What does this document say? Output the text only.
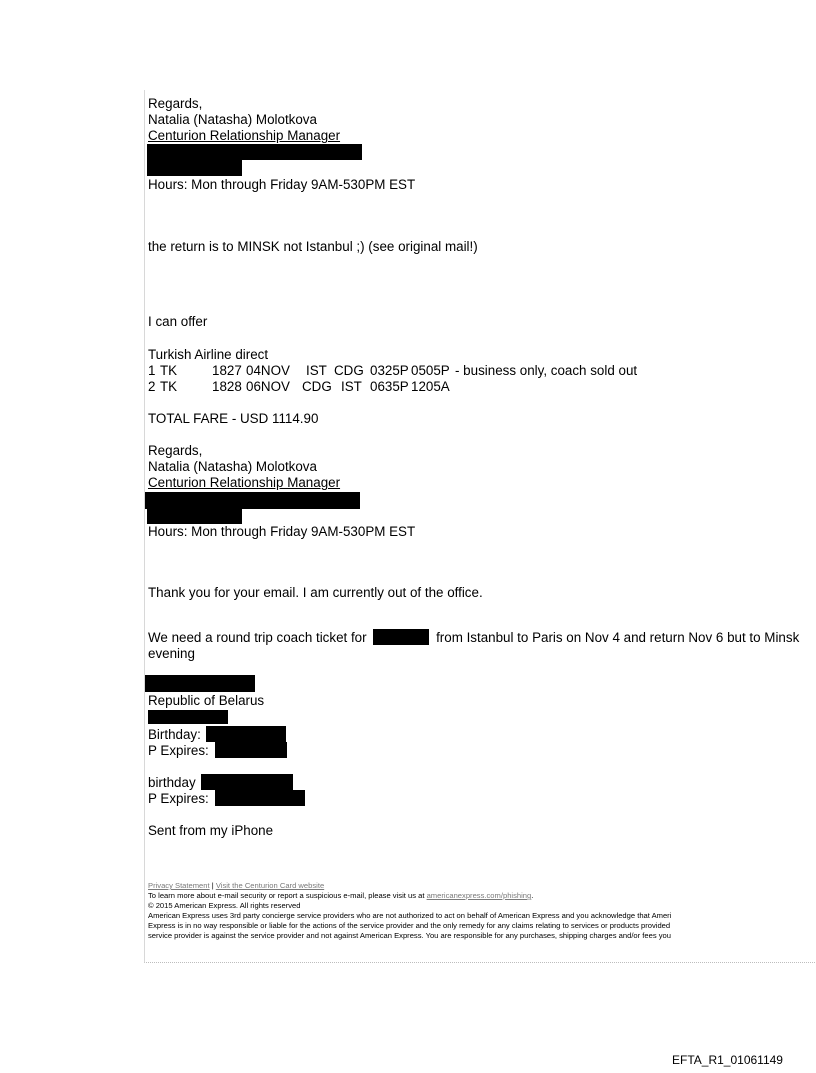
Regards,
Natalia (Natasha) Molotkova
Centurion Relationship Manager
Hours: Mon through Friday 9AM-530PM EST
the return is to MINSK not Istanbul ;) (see original mail!)
I can offer
Turkish Airline direct
1 TK	1827 04NOV IST CDG 0325P 0505P - business only, coach sold out
2 TK	1828 06NOV CDG IST 0635P 1205A
TOTAL FARE - USD 1114.90
Regards,
Natalia (Natasha) Molotkova
Centurion Relationship Manager
Hours: Mon through Friday 9AM-530PM EST
Thank you for your email. I am currently out of the office.
We need a round trip coach ticket for	from Istanbul to Paris on Nov 4 and return Nov 6 but to Minsk
evening
Republic of Belarus
Birthday:
P Expires:
birthday
P Expires:
Sent from my iPhone
Privacy Statement | Visit the Centurion Card website
To learn more about e-mail security or report a suspicious e-mail, please visit us at americanexpress.com/phishing.
© 2015 American Express. All rights reserved
American Express uses 3rd party concierge service providers who are not authorized to act on behalf of American Express and you acknowledge that Ameri
Express is in no way responsible or liable for the actions of the service provider and the only remedy for any claims relating to services or products provided
service provider is against the service provider and not against American Express. You are responsible for any purchases, shipping charges and/or fees you
EFTA_R1_01061149
